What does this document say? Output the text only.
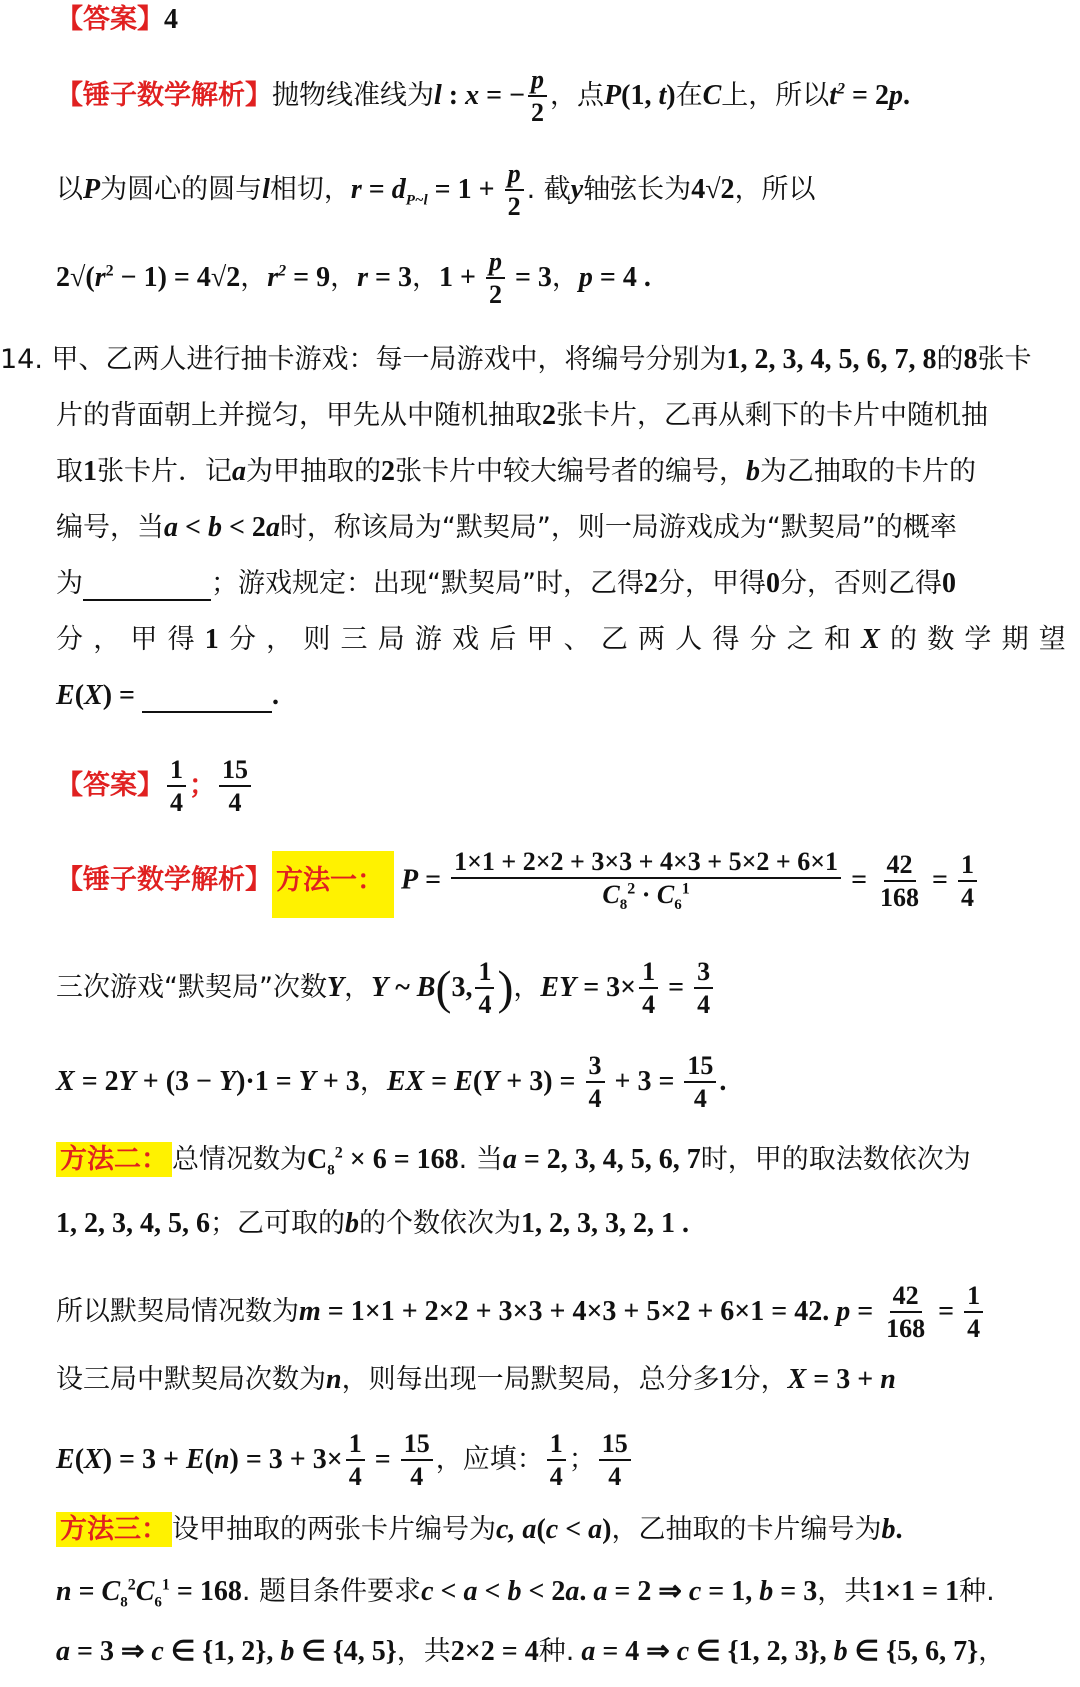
【答案】4
【锤子数学解析】抛物线准线为l : x = − $\frac{p}{2}$ ，点P(1, t)在C上，所以$t^2 = 2p$.
以P为圆心的圆与l相切，$r = d_{P\sim l} = 1 + \frac{p}{2}$ . 截y轴弦长为4√2，所以
$2√(r^2 - 1) = 4√2$，$r^2 = 9$，r = 3，$1 + \frac{p}{2} = 3$，p = 4 .
14. 甲、乙两人进行抽卡游戏：每一局游戏中，将编号分别为1, 2, 3, 4, 5, 6, 7, 8的8张卡
片的背面朝上并搅匀，甲先从中随机抽取2张卡片，乙再从剩下的卡片中随机抽
取1张卡片．记a为甲抽取的2张卡片中较大编号者的编号，b为乙抽取的卡片的
编号，当a < b < 2a时，称该局为“默契局”，则一局游戏成为“默契局”的概率
为	；游戏规定：出现“默契局”时，乙得2分，甲得0分，否则乙得0
分 ， 甲 得 1 分 ， 则 三 局 游 戏 后 甲 、 乙 两 人 得 分 之 和 X 的 数 学 期 望
E(X) =	.
【答案】 $\frac{1}{4}$ ； $\frac{15}{4}$
【锤子数学解析】 方法一： $P = \frac{1\times 1 + 2\times 2 + 3\times 3 + 4\times 3 + 5\times 2 + 6\times 1}{C_8^2 \cdot C_6^1} = \frac{42}{168} = \frac{1}{4}$
三次游戏“默契局”次数Y，Y ~ B(3, $\frac{1}{4}$ )，EY = $3\times \frac{1}{4} = \frac{3}{4}$
X = 2Y + (3 − Y)·1 = Y + 3，EX = $E(Y + 3) = \frac{3}{4} + 3 = \frac{15}{4}$ .
方法二： 总情况数为$C_8^2 \times 6 = 168$. 当a = 2, 3, 4, 5, 6, 7时，甲的取法数依次为
1, 2, 3, 4, 5, 6；乙可取的b的个数依次为1, 2, 3, 3, 2, 1 .
所以默契局情况数为m = 1×1 + 2×2 + 3×3 + 4×3 + 5×2 + 6×1 = 42. $p = \frac{42}{168} = \frac{1}{4}$
设三局中默契局次数为n，则每出现一局默契局，总分多1分，X = 3 + n
$E(X) = 3 + E(n) = 3 + 3\times \frac{1}{4} = \frac{15}{4}$ ，应填： $\frac{1}{4}$ ； $\frac{15}{4}$
方法三： 设甲抽取的两张卡片编号为c, a(c < a)，乙抽取的卡片编号为b.
$n = C_8^2C_6^1 = 168$. 题目条件要求c < a < b < 2a. a = 2 ⇒ c = 1, b = 3，共1×1 = 1种.
a = 3 ⇒ c ∈ {1, 2}, b ∈ {4, 5}，共2×2 = 4种. a = 4 ⇒ c ∈ {1, 2, 3}, b ∈ {5, 6, 7}，
